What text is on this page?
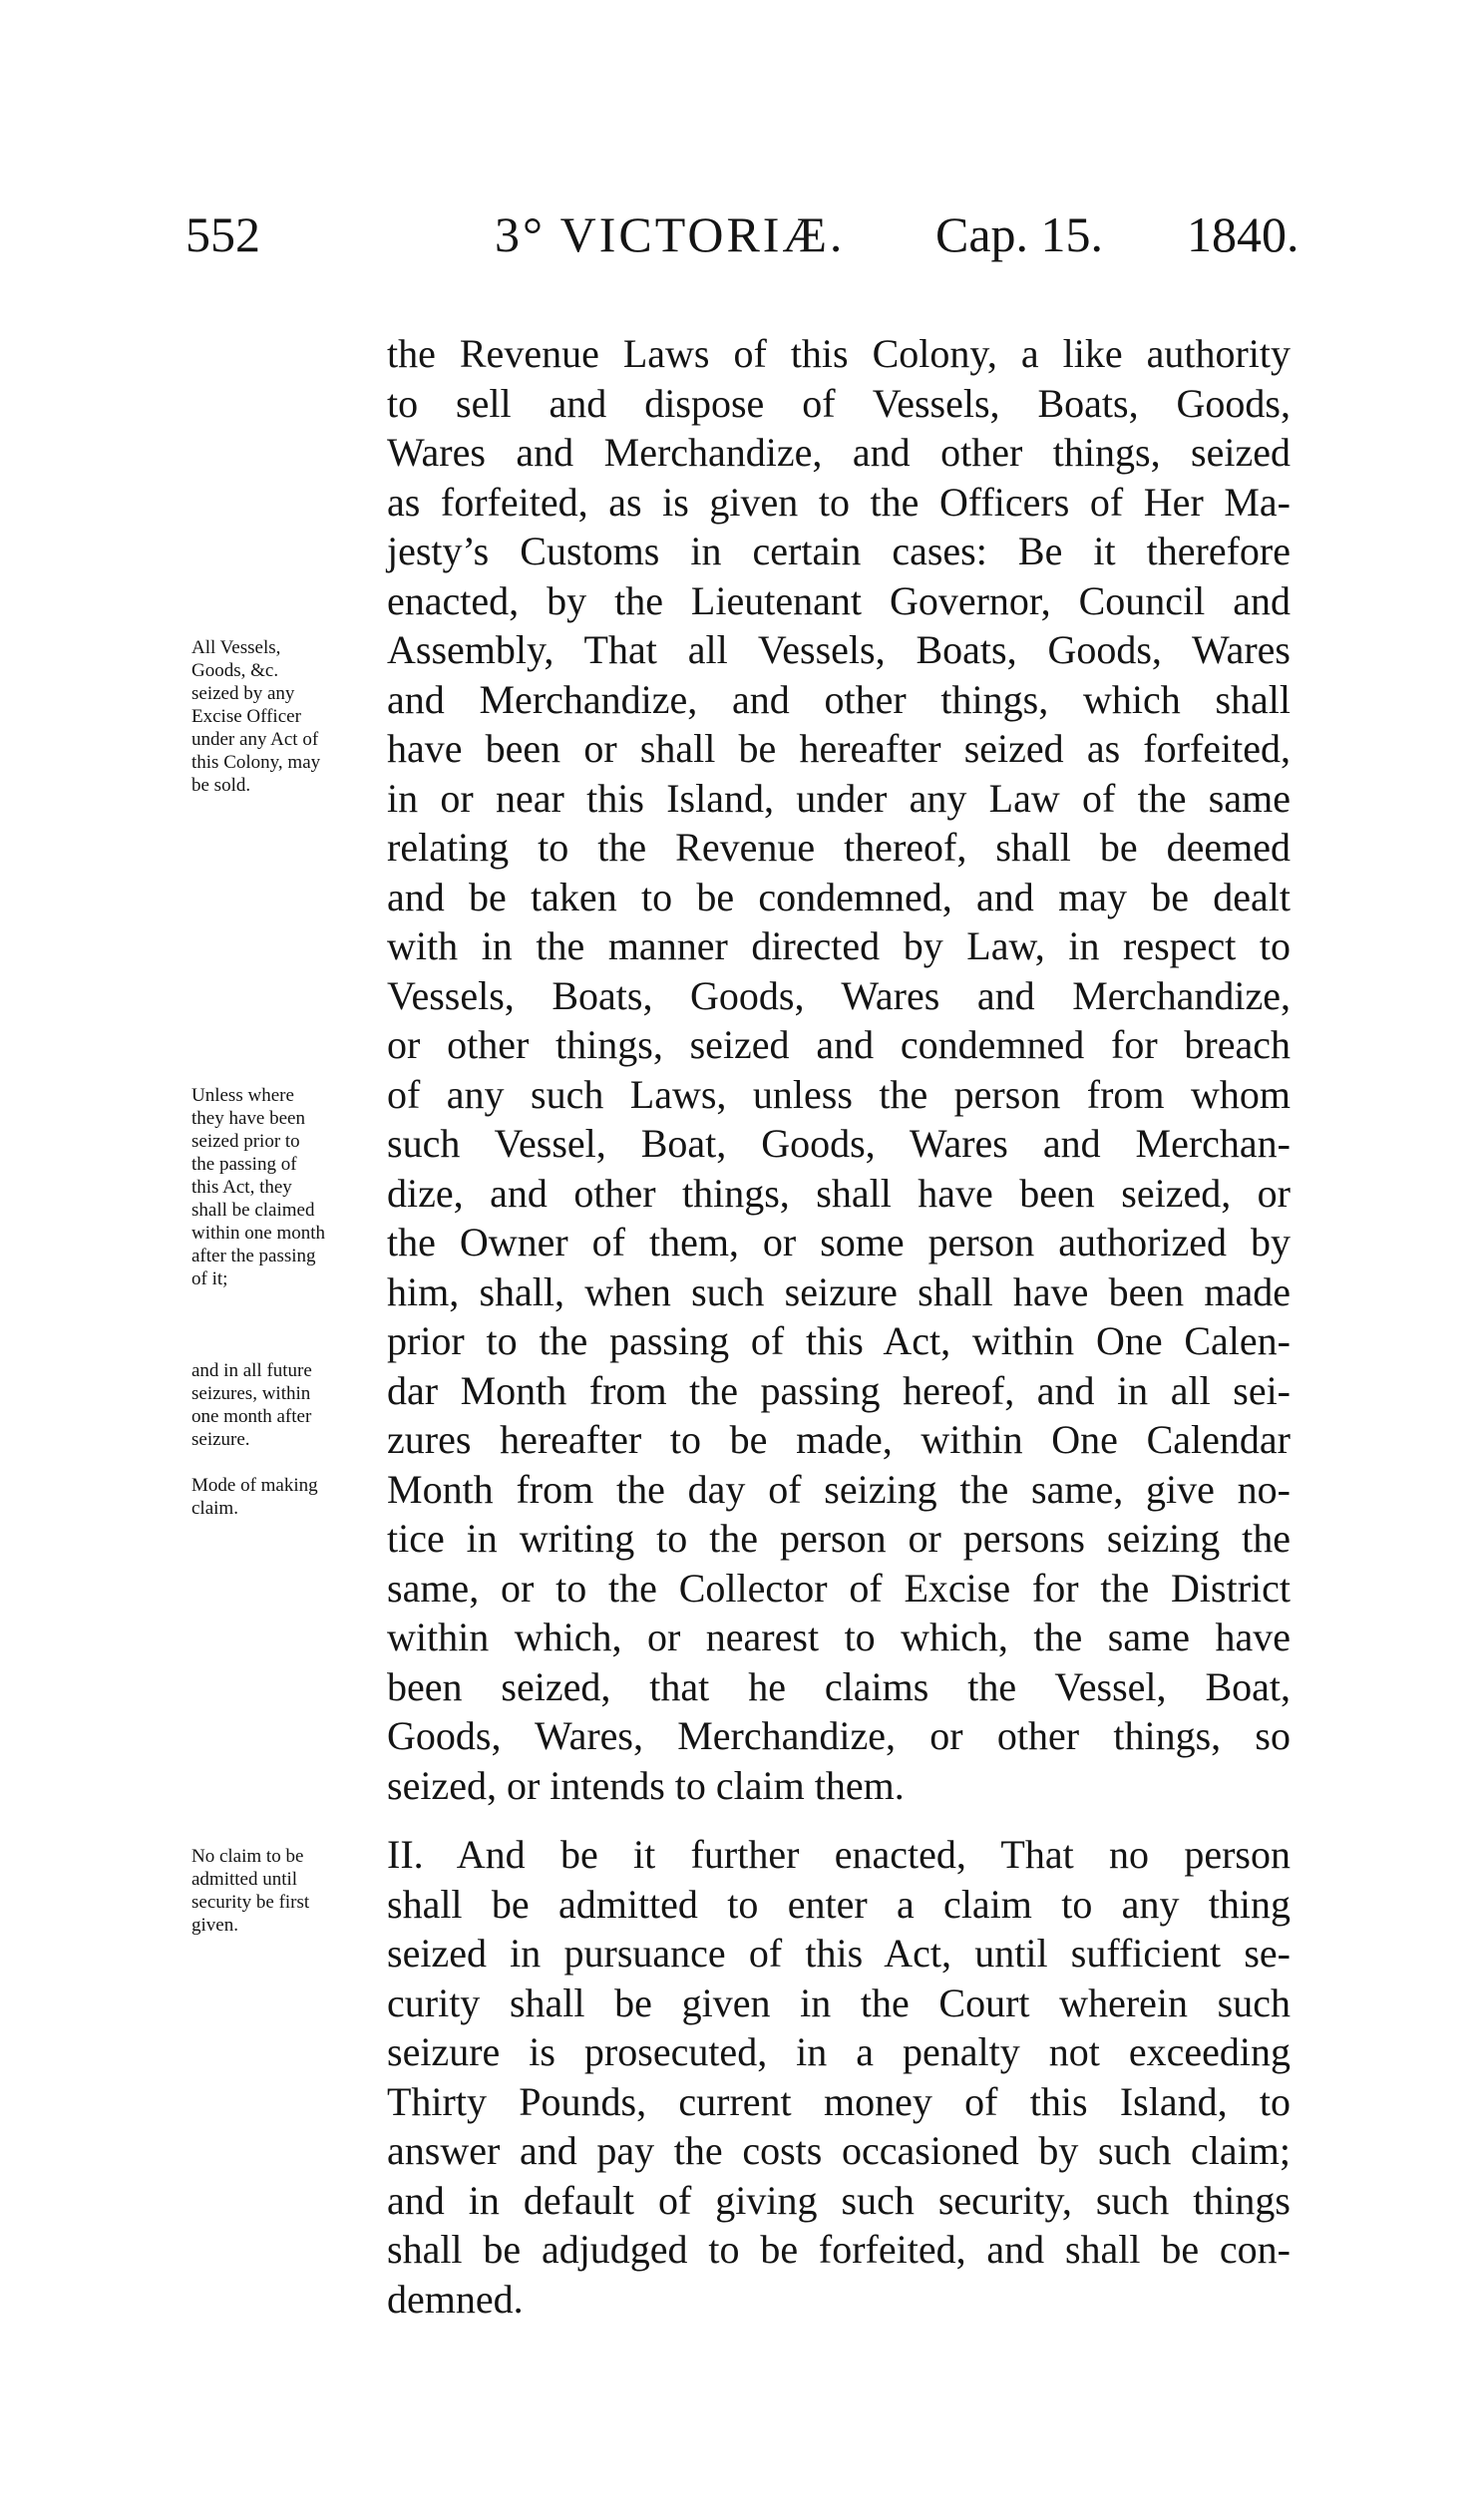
552	3° VICTORIÆ. Cap. 15. 1840.
the Revenue Laws of this Colony, a like authority
to sell and dispose of Vessels, Boats, Goods,
Wares and Merchandize, and other things, seized
as forfeited, as is given to the Officers of Her Ma-
jesty’s Customs in certain cases: Be it therefore
enacted, by the Lieutenant Governor, Council and
Assembly, That all Vessels, Boats, Goods, Wares
and Merchandize, and other things, which shall
have been or shall be hereafter seized as forfeited,
in or near this Island, under any Law of the same
relating to the Revenue thereof, shall be deemed
and be taken to be condemned, and may be dealt
with in the manner directed by Law, in respect to
Vessels, Boats, Goods, Wares and Merchandize,
or other things, seized and condemned for breach
of any such Laws, unless the person from whom
such Vessel, Boat, Goods, Wares and Merchan-
dize, and other things, shall have been seized, or
the Owner of them, or some person authorized by
him, shall, when such seizure shall have been made
prior to the passing of this Act, within One Calen-
dar Month from the passing hereof, and in all sei-
zures hereafter to be made, within One Calendar
Month from the day of seizing the same, give no-
tice in writing to the person or persons seizing the
same, or to the Collector of Excise for the District
within which, or nearest to which, the same have
been seized, that he claims the Vessel, Boat,
Goods, Wares, Merchandize, or other things, so
seized, or intends to claim them.
II. And be it further enacted, That no person
shall be admitted to enter a claim to any thing
seized in pursuance of this Act, until sufficient se-
curity shall be given in the Court wherein such
seizure is prosecuted, in a penalty not exceeding
Thirty Pounds, current money of this Island, to
answer and pay the costs occasioned by such claim;
and in default of giving such security, such things
shall be adjudged to be forfeited, and shall be con-
demned.
All Vessels,
Goods, &c.
seized by any
Excise Officer
under any Act of
this Colony, may
be sold.
Unless where
they have been
seized prior to
the passing of
this Act, they
shall be claimed
within one month
after the passing
of it;
and in all future
seizures, within
one month after
seizure.
Mode of making
claim.
No claim to be
admitted until
security be first
given.
